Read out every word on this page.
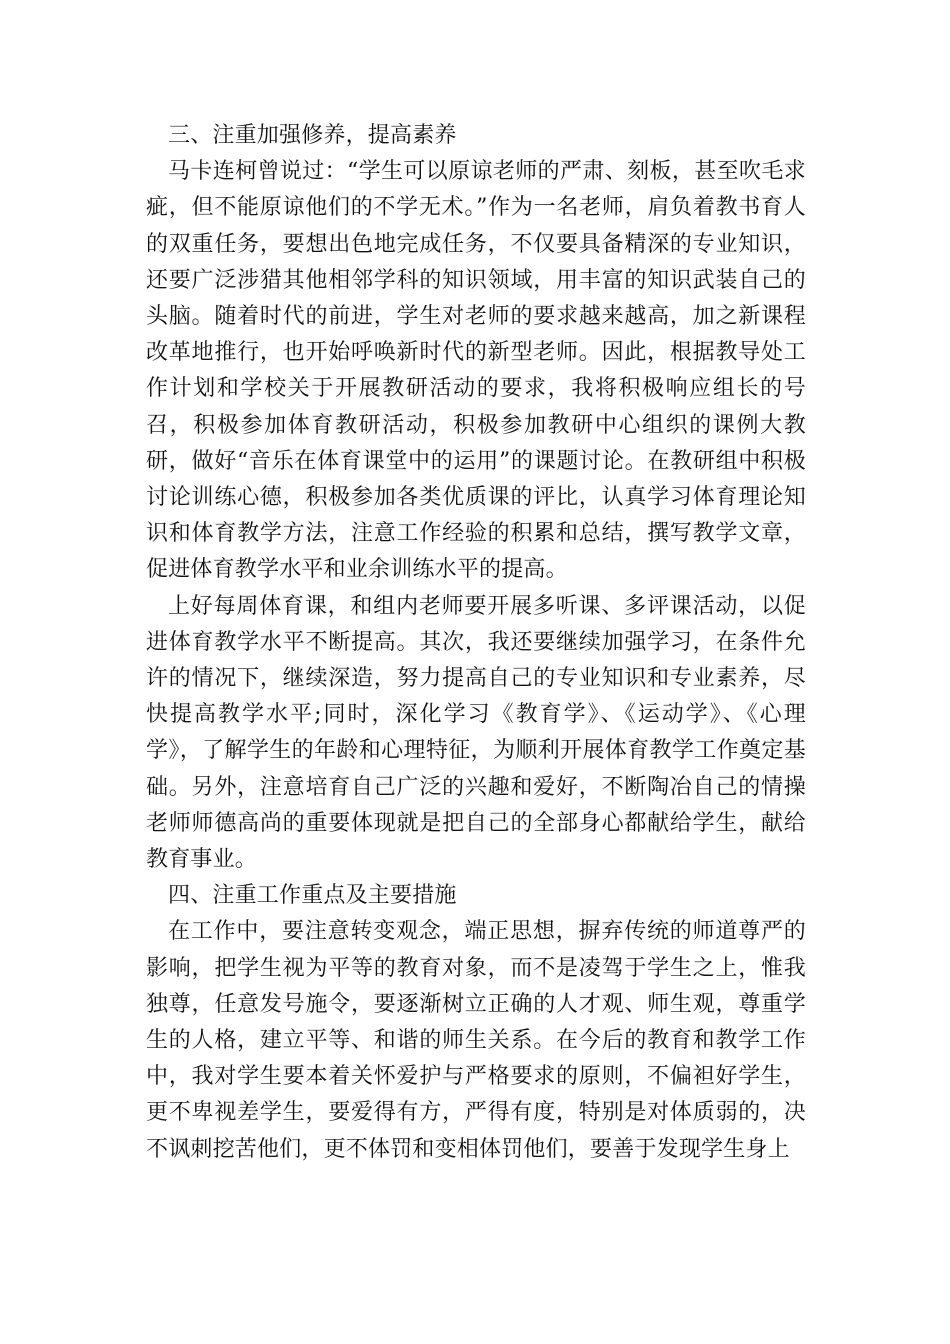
三、注重加强修养，提高素养

马卡连柯曾说过：“学生可以原谅老师的严肃、刻板，甚至吹毛求疵，但不能原谅他们的不学无术。”作为一名老师，肩负着教书育人的双重任务，要想出色地完成任务，不仅要具备精深的专业知识，还要广泛涉猎其他相邻学科的知识领域，用丰富的知识武装自己的头脑。随着时代的前进，学生对老师的要求越来越高，加之新课程改革地推行，也开始呼唤新时代的新型老师。因此，根据教导处工作计划和学校关于开展教研活动的要求，我将积极响应组长的号召，积极参加体育教研活动，积极参加教研中心组织的课例大教研，做好“音乐在体育课堂中的运用”的课题讨论。在教研组中积极讨论训练心德，积极参加各类优质课的评比，认真学习体育理论知识和体育教学方法，注意工作经验的积累和总结，撰写教学文章，促进体育教学水平和业余训练水平的提高。

上好每周体育课，和组内老师要开展多听课、多评课活动，以促进体育教学水平不断提高。其次，我还要继续加强学习，在条件允许的情况下，继续深造，努力提高自己的专业知识和专业素养，尽快提高教学水平;同时，深化学习《教育学》、《运动学》、《心理学》，了解学生的年龄和心理特征，为顺利开展体育教学工作奠定基础。另外，注意培育自己广泛的兴趣和爱好，不断陶冶自己的情操老师师德高尚的重要体现就是把自己的全部身心都献给学生，献给教育事业。

四、注重工作重点及主要措施

在工作中，要注意转变观念，端正思想，摒弃传统的师道尊严的影响，把学生视为平等的教育对象，而不是凌驾于学生之上，惟我独尊，任意发号施令，要逐渐树立正确的人才观、师生观，尊重学生的人格，建立平等、和谐的师生关系。在今后的教育和教学工作中，我对学生要本着关怀爱护与严格要求的原则，不偏袒好学生，更不卑视差学生，要爱得有方，严得有度，特别是对体质弱的，决不讽刺挖苦他们，更不体罚和变相体罚他们，要善于发现学生身上
